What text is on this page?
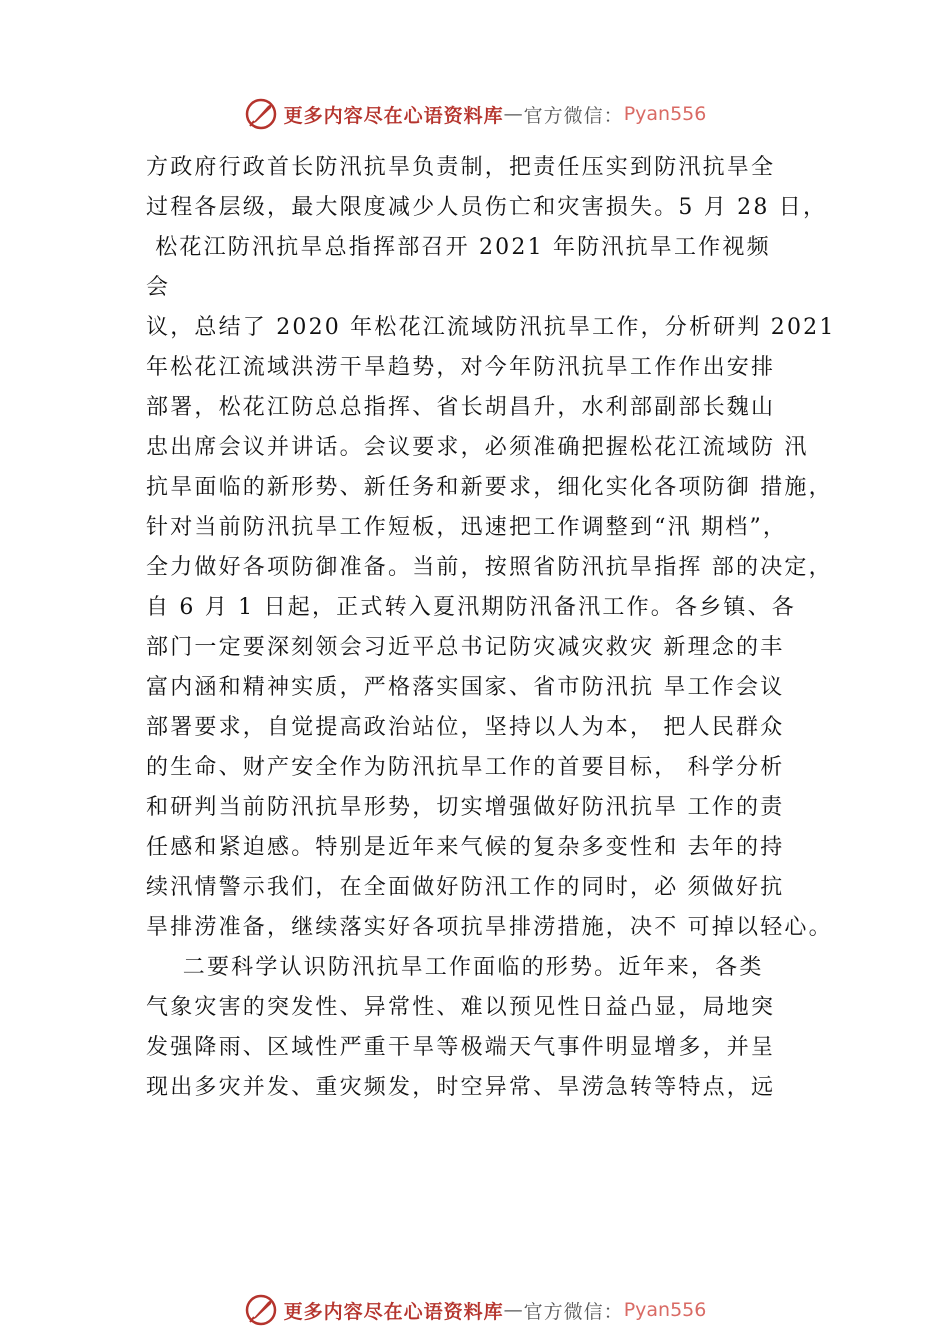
更多内容尽在心语资料库 — 官方微信： Pyan556
方政府行政首长防汛抗旱负责制，把责任压实到防汛抗旱全
过程各层级，最大限度减少人员伤亡和灾害损失。5 月 28 日，
松花江防汛抗旱总指挥部召开 2021 年防汛抗旱工作视频
会
议，总结了 2020 年松花江流域防汛抗旱工作，分析研判 2021
年松花江流域洪涝干旱趋势，对今年防汛抗旱工作作出安排
部署，松花江防总总指挥、省长胡昌升，水利部副部长魏山
忠出席会议并讲话。会议要求，必须准确把握松花江流域防 汛
抗旱面临的新形势、新任务和新要求，细化实化各项防御 措施，
针对当前防汛抗旱工作短板，迅速把工作调整到“汛 期档”，
全力做好各项防御准备。当前，按照省防汛抗旱指挥 部的决定，
自 6 月 1 日起，正式转入夏汛期防汛备汛工作。各乡镇、各
部门一定要深刻领会习近平总书记防灾减灾救灾 新理念的丰
富内涵和精神实质，严格落实国家、省市防汛抗 旱工作会议
部署要求，自觉提高政治站位，坚持以人为本， 把人民群众
的生命、财产安全作为防汛抗旱工作的首要目标， 科学分析
和研判当前防汛抗旱形势，切实增强做好防汛抗旱 工作的责
任感和紧迫感。特别是近年来气候的复杂多变性和 去年的持
续汛情警示我们，在全面做好防汛工作的同时，必 须做好抗
旱排涝准备，继续落实好各项抗旱排涝措施，决不 可掉以轻心。
二要科学认识防汛抗旱工作面临的形势。近年来，各类
气象灾害的突发性、异常性、难以预见性日益凸显，局地突
发强降雨、区域性严重干旱等极端天气事件明显增多，并呈
现出多灾并发、重灾频发，时空异常、旱涝急转等特点，远
更多内容尽在心语资料库 — 官方微信： Pyan556
